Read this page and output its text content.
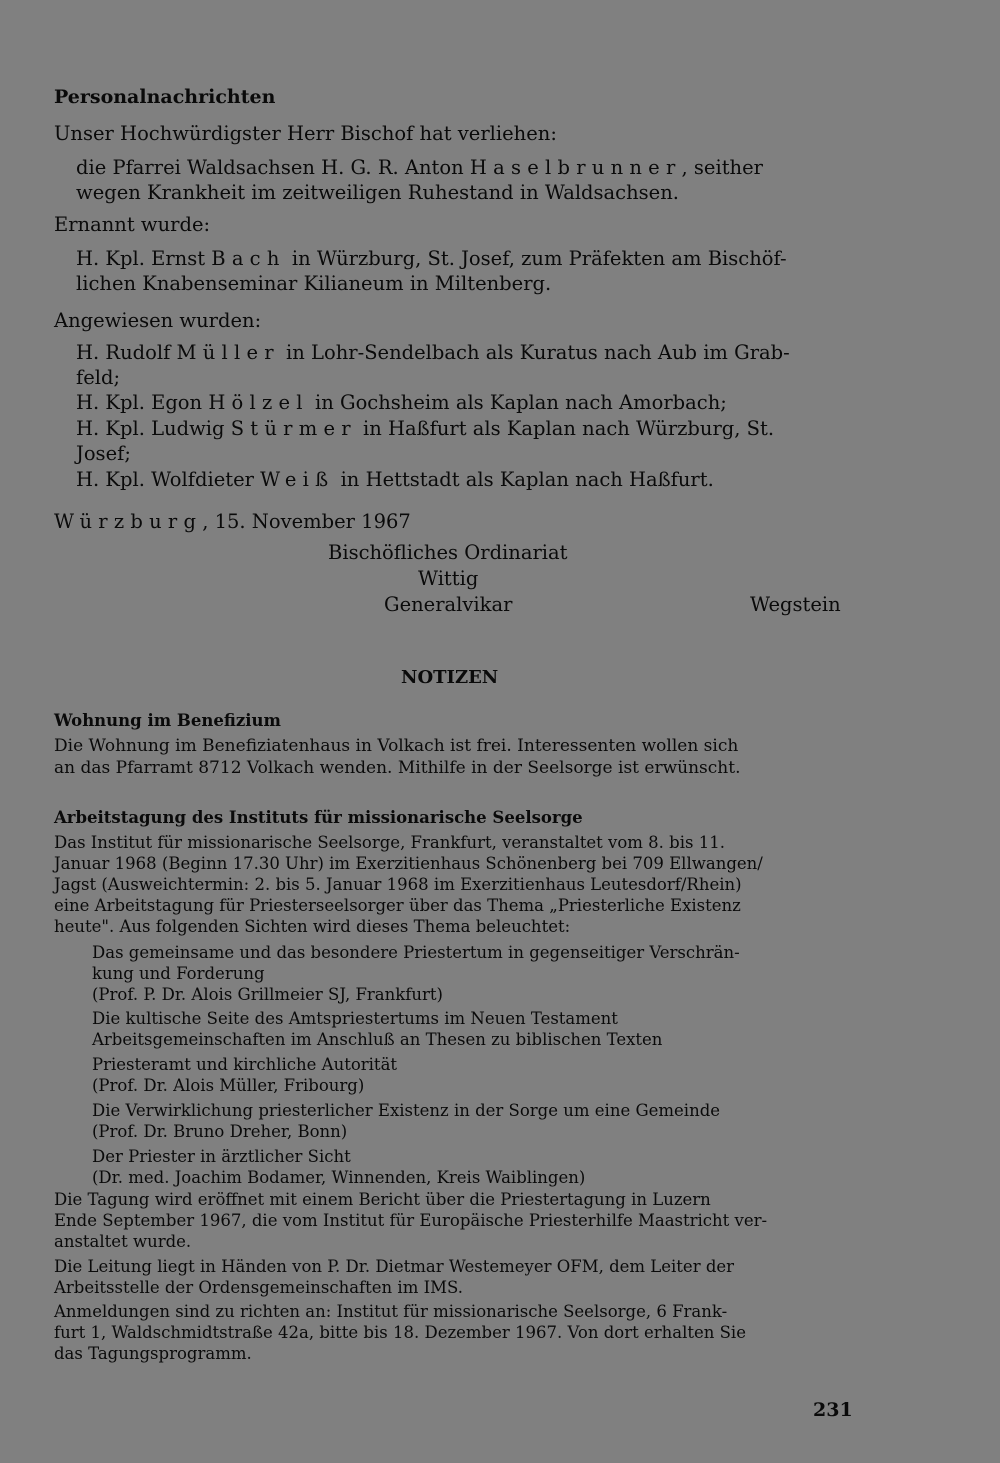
Personalnachrichten
Unser Hochwürdigster Herr Bischof hat verliehen:
die Pfarrei Waldsachsen H. G. R. Anton Haselbrunner, seither
wegen Krankheit im zeitweiligen Ruhestand in Waldsachsen.
Ernannt wurde:
H. Kpl. Ernst Bach in Würzburg, St. Josef, zum Präfekten am Bischöf-
lichen Knabenseminar Kilianeum in Miltenberg.
Angewiesen wurden:
H. Rudolf Müller in Lohr-Sendelbach als Kuratus nach Aub im Grab-
feld;
H. Kpl. Egon Hölzel in Gochsheim als Kaplan nach Amorbach;
H. Kpl. Ludwig Stürmer in Haßfurt als Kaplan nach Würzburg, St.
Josef;
H. Kpl. Wolfdieter Weiß in Hettstadt als Kaplan nach Haßfurt.
Würzburg, 15. November 1967
Bischöfliches Ordinariat
Wittig
Generalvikar	Wegstein
NOTIZEN
Wohnung im Benefizium
Die Wohnung im Benefiziatenhaus in Volkach ist frei. Interessenten wollen sich
an das Pfarramt 8712 Volkach wenden. Mithilfe in der Seelsorge ist erwünscht.
Arbeitstagung des Instituts für missionarische Seelsorge
Das Institut für missionarische Seelsorge, Frankfurt, veranstaltet vom 8. bis 11.
Januar 1968 (Beginn 17.30 Uhr) im Exerzitienhaus Schönenberg bei 709 Ellwangen/
Jagst (Ausweichtermin: 2. bis 5. Januar 1968 im Exerzitienhaus Leutesdorf/Rhein)
eine Arbeitstagung für Priesterseelsorger über das Thema „Priesterliche Existenz
heute". Aus folgenden Sichten wird dieses Thema beleuchtet:
Das gemeinsame und das besondere Priestertum in gegenseitiger Verschrän-
kung und Forderung
(Prof. P. Dr. Alois Grillmeier SJ, Frankfurt)
Die kultische Seite des Amtspriestertums im Neuen Testament
Arbeitsgemeinschaften im Anschluß an Thesen zu biblischen Texten
Priesteramt und kirchliche Autorität
(Prof. Dr. Alois Müller, Fribourg)
Die Verwirklichung priesterlicher Existenz in der Sorge um eine Gemeinde
(Prof. Dr. Bruno Dreher, Bonn)
Der Priester in ärztlicher Sicht
(Dr. med. Joachim Bodamer, Winnenden, Kreis Waiblingen)
Die Tagung wird eröffnet mit einem Bericht über die Priestertagung in Luzern
Ende September 1967, die vom Institut für Europäische Priesterhilfe Maastricht ver-
anstaltet wurde.
Die Leitung liegt in Händen von P. Dr. Dietmar Westemeyer OFM, dem Leiter der
Arbeitsstelle der Ordensgemeinschaften im IMS.
Anmeldungen sind zu richten an: Institut für missionarische Seelsorge, 6 Frank-
furt 1, Waldschmidtstraße 42a, bitte bis 18. Dezember 1967. Von dort erhalten Sie
das Tagungsprogramm.
231
